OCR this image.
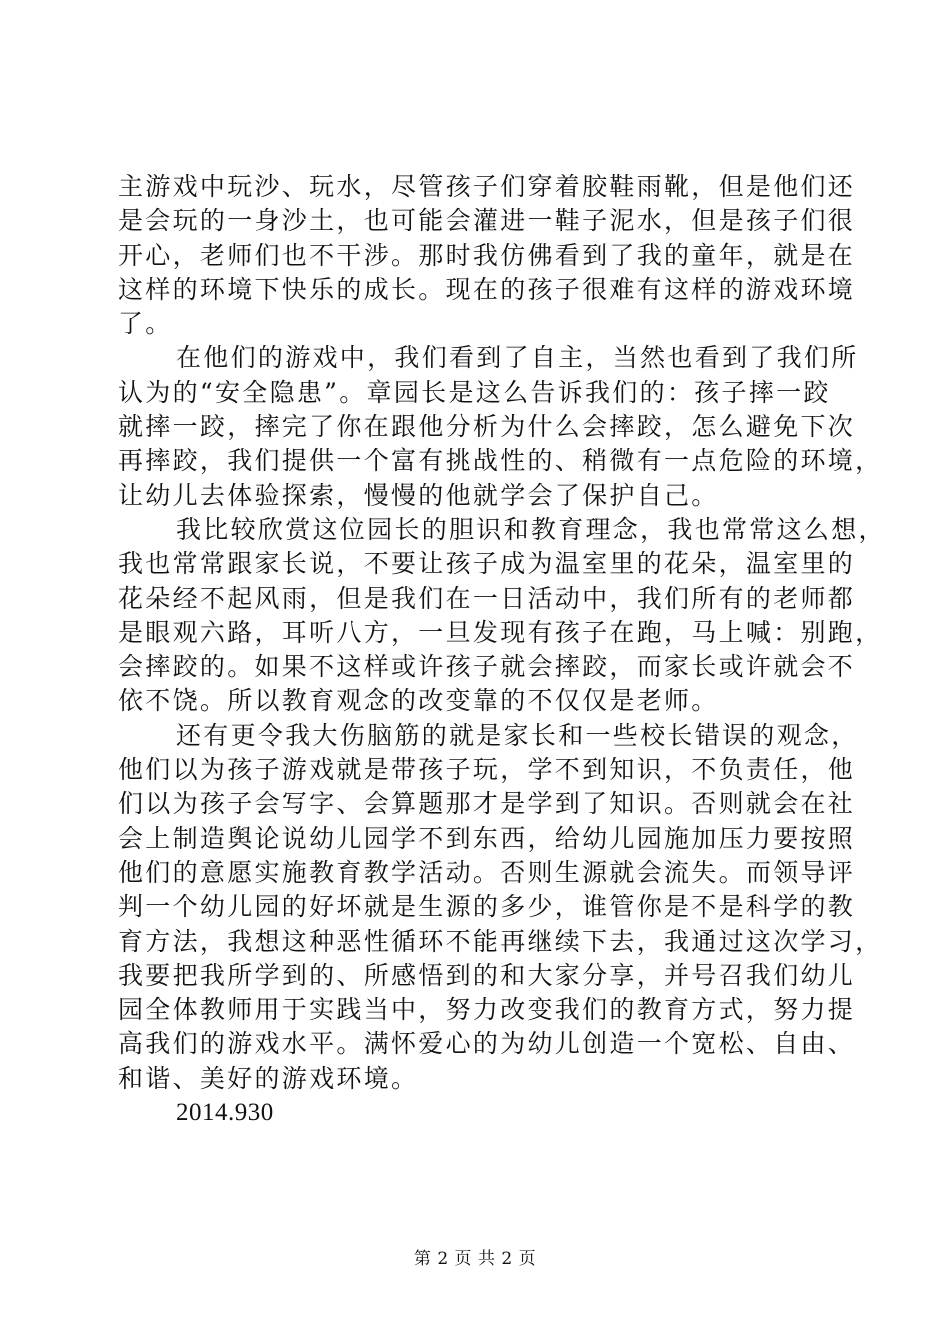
主游戏中玩沙、玩水，尽管孩子们穿着胶鞋雨靴，但是他们还
是会玩的一身沙土，也可能会灌进一鞋子泥水，但是孩子们很
开心，老师们也不干涉。那时我仿佛看到了我的童年，就是在
这样的环境下快乐的成长。现在的孩子很难有这样的游戏环境
了。
在他们的游戏中，我们看到了自主，当然也看到了我们所
认为的“安全隐患”。章园长是这么告诉我们的：孩子摔一跤
就摔一跤，摔完了你在跟他分析为什么会摔跤，怎么避免下次
再摔跤，我们提供一个富有挑战性的、稍微有一点危险的环境，
让幼儿去体验探索，慢慢的他就学会了保护自己。
我比较欣赏这位园长的胆识和教育理念，我也常常这么想，
我也常常跟家长说，不要让孩子成为温室里的花朵，温室里的
花朵经不起风雨，但是我们在一日活动中，我们所有的老师都
是眼观六路，耳听八方，一旦发现有孩子在跑，马上喊：别跑，
会摔跤的。如果不这样或许孩子就会摔跤，而家长或许就会不
依不饶。所以教育观念的改变靠的不仅仅是老师。
还有更令我大伤脑筋的就是家长和一些校长错误的观念，
他们以为孩子游戏就是带孩子玩，学不到知识，不负责任，他
们以为孩子会写字、会算题那才是学到了知识。否则就会在社
会上制造舆论说幼儿园学不到东西，给幼儿园施加压力要按照
他们的意愿实施教育教学活动。否则生源就会流失。而领导评
判一个幼儿园的好坏就是生源的多少，谁管你是不是科学的教
育方法，我想这种恶性循环不能再继续下去，我通过这次学习，
我要把我所学到的、所感悟到的和大家分享，并号召我们幼儿
园全体教师用于实践当中，努力改变我们的教育方式，努力提
高我们的游戏水平。满怀爱心的为幼儿创造一个宽松、自由、
和谐、美好的游戏环境。
2014.930
第 2 页 共 2 页
